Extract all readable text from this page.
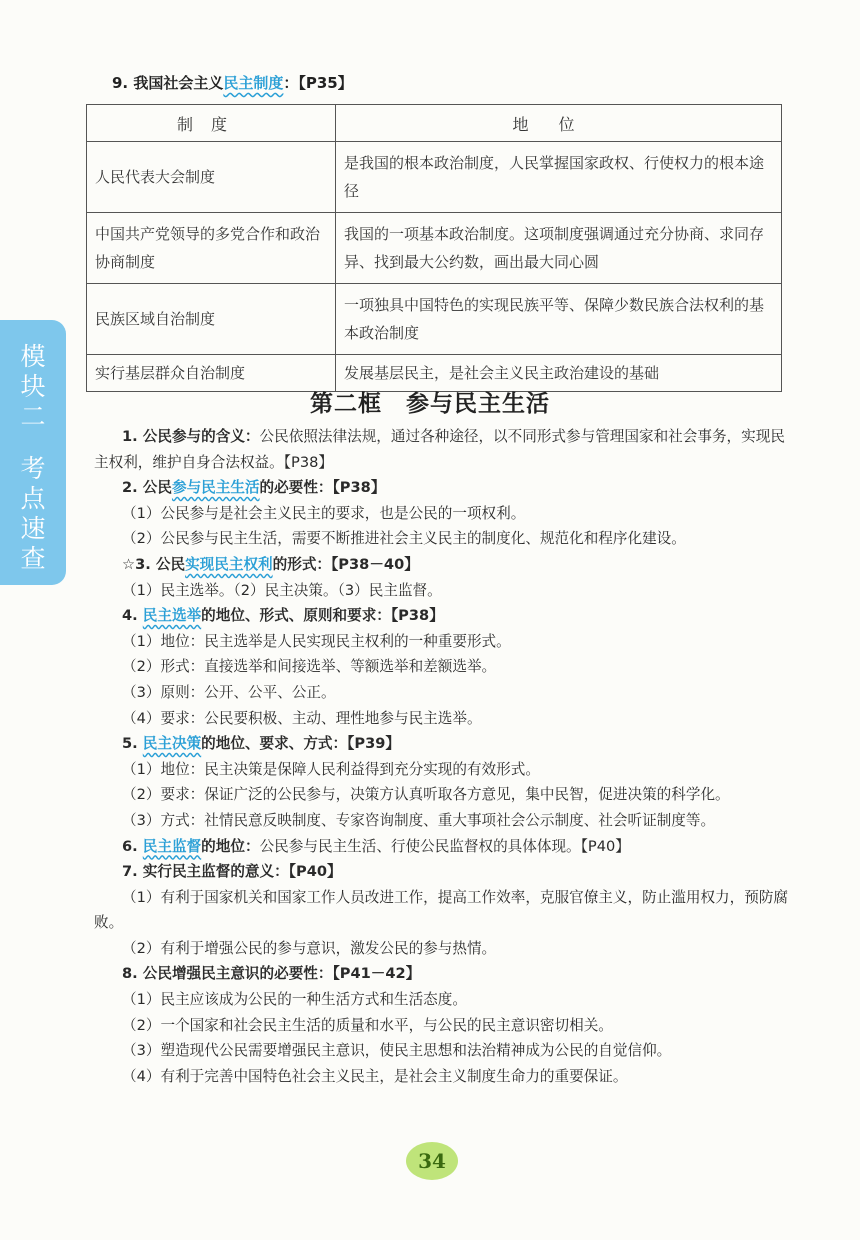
模
块
二
考
点
速
查
9. 我国社会主义民主制度：【P35】
制度	地位
人民代表大会制度	是我国的根本政治制度，人民掌握国家政权、行使权力的根本途径
中国共产党领导的多党合作和政治协商制度	我国的一项基本政治制度。这项制度强调通过充分协商、求同存异、找到最大公约数，画出最大同心圆
民族区域自治制度	一项独具中国特色的实现民族平等、保障少数民族合法权利的基本政治制度
实行基层群众自治制度	发展基层民主，是社会主义民主政治建设的基础
第二框　参与民主生活

1. 公民参与的含义：公民依照法律法规，通过各种途径，以不同形式参与管理国家和社会事务，实现民主权利，维护自身合法权益。【P38】

2. 公民参与民主生活的必要性：【P38】

（1）公民参与是社会主义民主的要求，也是公民的一项权利。

（2）公民参与民主生活，需要不断推进社会主义民主的制度化、规范化和程序化建设。

☆3. 公民实现民主权利的形式：【P38－40】

（1）民主选举。（2）民主决策。（3）民主监督。

4. 民主选举的地位、形式、原则和要求：【P38】

（1）地位：民主选举是人民实现民主权利的一种重要形式。

（2）形式：直接选举和间接选举、等额选举和差额选举。

（3）原则：公开、公平、公正。

（4）要求：公民要积极、主动、理性地参与民主选举。

5. 民主决策的地位、要求、方式：【P39】

（1）地位：民主决策是保障人民利益得到充分实现的有效形式。

（2）要求：保证广泛的公民参与，决策方认真听取各方意见，集中民智，促进决策的科学化。

（3）方式：社情民意反映制度、专家咨询制度、重大事项社会公示制度、社会听证制度等。

6. 民主监督的地位：公民参与民主生活、行使公民监督权的具体体现。【P40】

7. 实行民主监督的意义：【P40】

（1）有利于国家机关和国家工作人员改进工作，提高工作效率，克服官僚主义，防止滥用权力，预防腐败。

（2）有利于增强公民的参与意识，激发公民的参与热情。

8. 公民增强民主意识的必要性：【P41－42】

（1）民主应该成为公民的一种生活方式和生活态度。

（2）一个国家和社会民主生活的质量和水平，与公民的民主意识密切相关。

（3）塑造现代公民需要增强民主意识，使民主思想和法治精神成为公民的自觉信仰。

（4）有利于完善中国特色社会主义民主，是社会主义制度生命力的重要保证。

34
